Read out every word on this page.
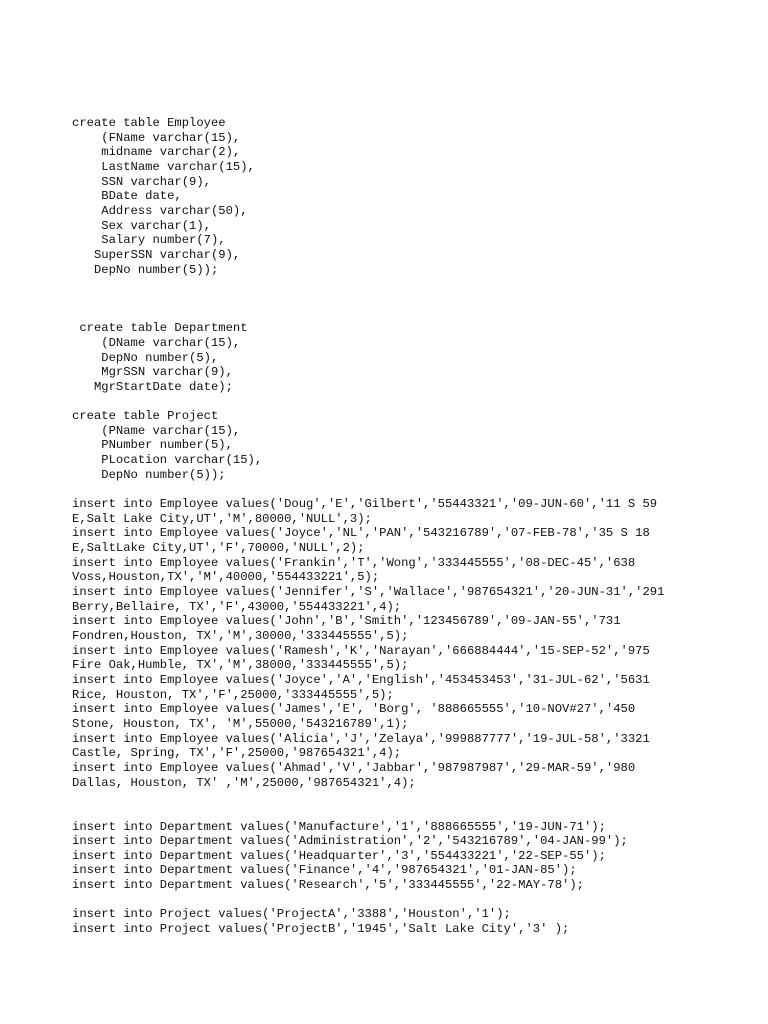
create table Employee
(FName varchar(15),
midname varchar(2),
LastName varchar(15),
SSN varchar(9),
BDate date,
Address varchar(50),
Sex varchar(1),
Salary number(7),
SuperSSN varchar(9),
DepNo number(5));
create table Department
(DName varchar(15),
DepNo number(5),
MgrSSN varchar(9),
MgrStartDate date);
create table Project
(PName varchar(15),
PNumber number(5),
PLocation varchar(15),
DepNo number(5));
insert into Employee values('Doug','E','Gilbert','55443321','09-JUN-60','11 S 59
E,Salt Lake City,UT','M',80000,'NULL',3);
insert into Employee values('Joyce','NL','PAN','543216789','07-FEB-78','35 S 18
E,SaltLake City,UT','F',70000,'NULL',2);
insert into Employee values('Frankin','T','Wong','333445555','08-DEC-45','638
Voss,Houston,TX','M',40000,'554433221',5);
insert into Employee values('Jennifer','S','Wallace','987654321','20-JUN-31','291
Berry,Bellaire, TX','F',43000,'554433221',4);
insert into Employee values('John','B','Smith','123456789','09-JAN-55','731
Fondren,Houston, TX','M',30000,'333445555',5);
insert into Employee values('Ramesh','K','Narayan','666884444','15-SEP-52','975
Fire Oak,Humble, TX','M',38000,'333445555',5);
insert into Employee values('Joyce','A','English','453453453','31-JUL-62','5631
Rice, Houston, TX','F',25000,'333445555',5);
insert into Employee values('James','E', 'Borg', '888665555','10-NOV#27','450
Stone, Houston, TX', 'M',55000,'543216789',1);
insert into Employee values('Alicia','J','Zelaya','999887777','19-JUL-58','3321
Castle, Spring, TX','F',25000,'987654321',4);
insert into Employee values('Ahmad','V','Jabbar','987987987','29-MAR-59','980
Dallas, Houston, TX' ,'M',25000,'987654321',4);
insert into Department values('Manufacture','1','888665555','19-JUN-71');
insert into Department values('Administration','2','543216789','04-JAN-99');
insert into Department values('Headquarter','3','554433221','22-SEP-55');
insert into Department values('Finance','4','987654321','01-JAN-85');
insert into Department values('Research','5','333445555','22-MAY-78');
insert into Project values('ProjectA','3388','Houston','1');
insert into Project values('ProjectB','1945','Salt Lake City','3' );
